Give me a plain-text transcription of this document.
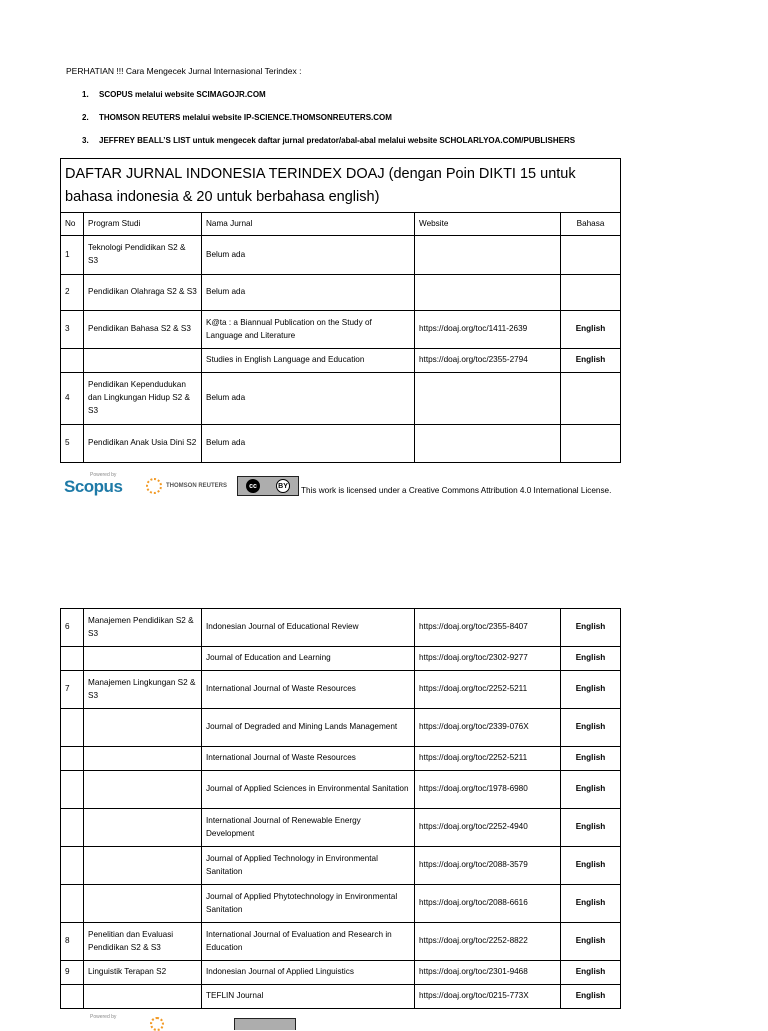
PERHATIAN !!! Cara Mengecek Jurnal Internasional Terindex :
1.	SCOPUS melalui website SCIMAGOJR.COM
2.	THOMSON REUTERS melalui website IP-SCIENCE.THOMSONREUTERS.COM
3.	JEFFREY BEALL’S LIST untuk mengecek daftar jurnal predator/abal-abal melalui website SCHOLARLYOA.COM/PUBLISHERS
DAFTAR JURNAL INDONESIA TERINDEX DOAJ (dengan Poin DIKTI 15 untuk bahasa indonesia & 20 untuk berbahasa english)				
No	Program Studi	Nama Jurnal	Website	Bahasa
1	Teknologi Pendidikan S2 & S3	Belum ada		
2	Pendidikan Olahraga S2 & S3	Belum ada		
3	Pendidikan Bahasa S2 & S3	K@ta : a Biannual Publication on the Study of Language and Literature	https://doaj.org/toc/1411-2639	English
		Studies in English Language and Education	https://doaj.org/toc/2355-2794	English
4	Pendidikan Kependudukan dan Lingkungan Hidup S2 & S3	Belum ada		
5	Pendidikan Anak Usia Dini S2	Belum ada		
Powered by
Scopus	THOMSON REUTERS	cc	BY This work is licensed under a Creative Commons Attribution 4.0 International License.
6	Manajemen Pendidikan S2 & S3	Indonesian Journal of Educational Review	https://doaj.org/toc/2355-8407	English
		Journal of Education and Learning	https://doaj.org/toc/2302-9277	English
7	Manajemen Lingkungan S2 & S3	International Journal of Waste Resources	https://doaj.org/toc/2252-5211	English
		Journal of Degraded and Mining Lands Management	https://doaj.org/toc/2339-076X	English
		International Journal of Waste Resources	https://doaj.org/toc/2252-5211	English
		Journal of Applied Sciences in Environmental Sanitation	https://doaj.org/toc/1978-6980	English
		International Journal of Renewable Energy Development	https://doaj.org/toc/2252-4940	English
		Journal of Applied Technology in Environmental Sanitation	https://doaj.org/toc/2088-3579	English
		Journal of Applied Phytotechnology in Environmental Sanitation	https://doaj.org/toc/2088-6616	English
8	Penelitian dan Evaluasi Pendidikan S2 & S3	International Journal of Evaluation and Research in Education	https://doaj.org/toc/2252-8822	English
9	Linguistik Terapan S2	Indonesian Journal of Applied Linguistics	https://doaj.org/toc/2301-9468	English
		TEFLIN Journal	https://doaj.org/toc/0215-773X	English
Powered by
